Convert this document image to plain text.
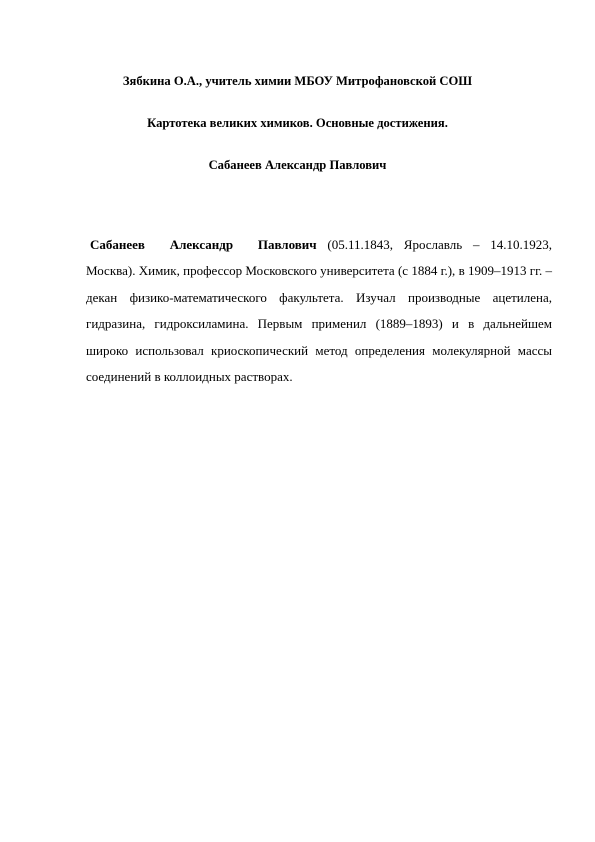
Зябкина О.А., учитель химии МБОУ Митрофановской СОШ

Картотека великих химиков. Основные достижения.

Сабанеев Александр Павлович

Сабанеев Александр Павлович (05.11.1843, Ярославль – 14.10.1923, Москва). Химик, профессор Московского университета (с 1884 г.), в 1909–1913 гг. – декан физико-математического факультета. Изучал производные ацетилена, гидразина, гидроксиламина. Первым применил (1889–1893) и в дальнейшем широко использовал криоскопический метод определения молекулярной массы соединений в коллоидных растворах.
